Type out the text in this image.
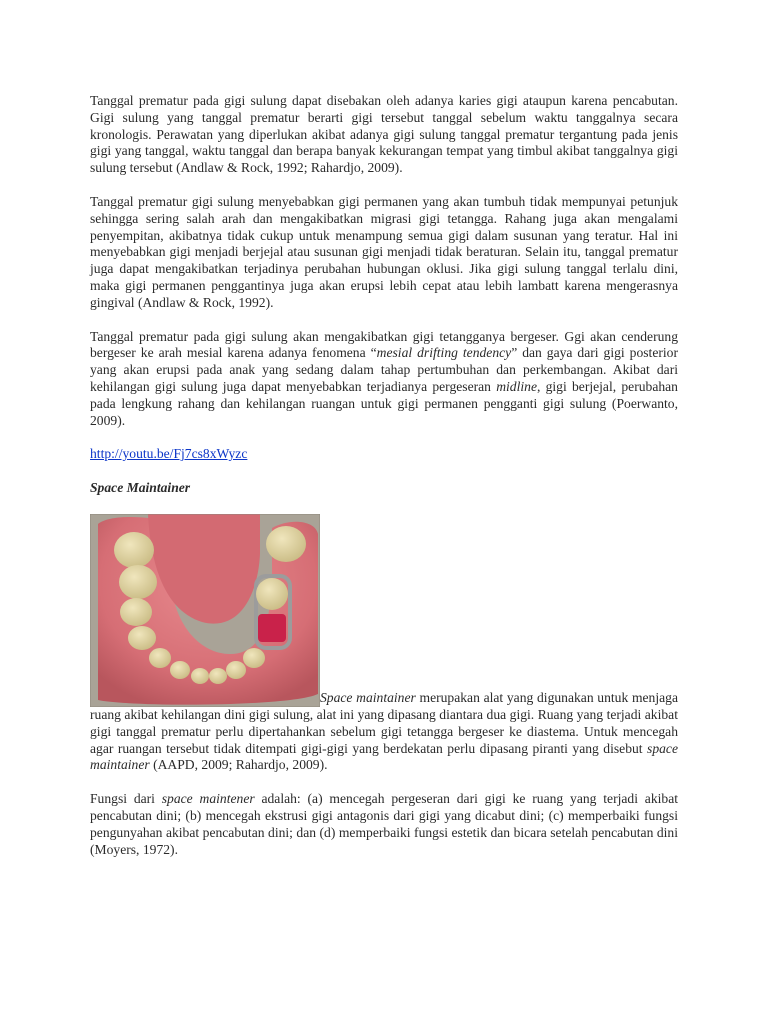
Tanggal prematur pada gigi sulung dapat disebakan oleh adanya karies gigi ataupun karena pencabutan. Gigi sulung yang tanggal prematur berarti gigi tersebut tanggal sebelum waktu tanggalnya secara kronologis. Perawatan yang diperlukan akibat adanya gigi sulung tanggal prematur tergantung pada jenis gigi yang tanggal, waktu tanggal dan berapa banyak kekurangan tempat yang timbul akibat tanggalnya gigi sulung tersebut (Andlaw & Rock, 1992; Rahardjo, 2009).

Tanggal prematur gigi sulung menyebabkan gigi permanen yang akan tumbuh tidak mempunyai petunjuk sehingga sering salah arah dan mengakibatkan migrasi gigi tetangga. Rahang juga akan mengalami penyempitan, akibatnya tidak cukup untuk menampung semua gigi dalam susunan yang teratur. Hal ini menyebabkan gigi menjadi berjejal atau susunan gigi menjadi tidak beraturan. Selain itu, tanggal prematur juga dapat mengakibatkan terjadinya perubahan hubungan oklusi. Jika gigi sulung tanggal terlalu dini, maka gigi permanen penggantinya juga akan erupsi lebih cepat atau lebih lambatt karena mengerasnya gingival (Andlaw & Rock, 1992).

Tanggal prematur pada gigi sulung akan mengakibatkan gigi tetangganya bergeser. Ggi akan cenderung bergeser ke arah mesial karena adanya fenomena “mesial drifting tendency” dan gaya dari gigi posterior yang akan erupsi pada anak yang sedang dalam tahap pertumbuhan dan perkembangan. Akibat dari kehilangan gigi sulung juga dapat menyebabkan terjadianya pergeseran midline, gigi berjejal, perubahan pada lengkung rahang dan kehilangan ruangan untuk gigi permanen pengganti gigi sulung (Poerwanto, 2009).

http://youtu.be/Fj7cs8xWyzc

Space Maintainer

Space maintainer merupakan alat yang digunakan untuk menjaga ruang akibat kehilangan dini gigi sulung, alat ini yang dipasang diantara dua gigi. Ruang yang terjadi akibat gigi tanggal prematur perlu dipertahankan sebelum gigi tetangga bergeser ke diastema. Untuk mencegah agar ruangan tersebut tidak ditempati gigi-gigi yang berdekatan perlu dipasang piranti yang disebut space maintainer (AAPD, 2009; Rahardjo, 2009).

Fungsi dari space maintener adalah: (a) mencegah pergeseran dari gigi ke ruang yang terjadi akibat pencabutan dini; (b) mencegah ekstrusi gigi antagonis dari gigi yang dicabut dini; (c) memperbaiki fungsi pengunyahan akibat pencabutan dini; dan (d) memperbaiki fungsi estetik dan bicara setelah pencabutan dini (Moyers, 1972).
